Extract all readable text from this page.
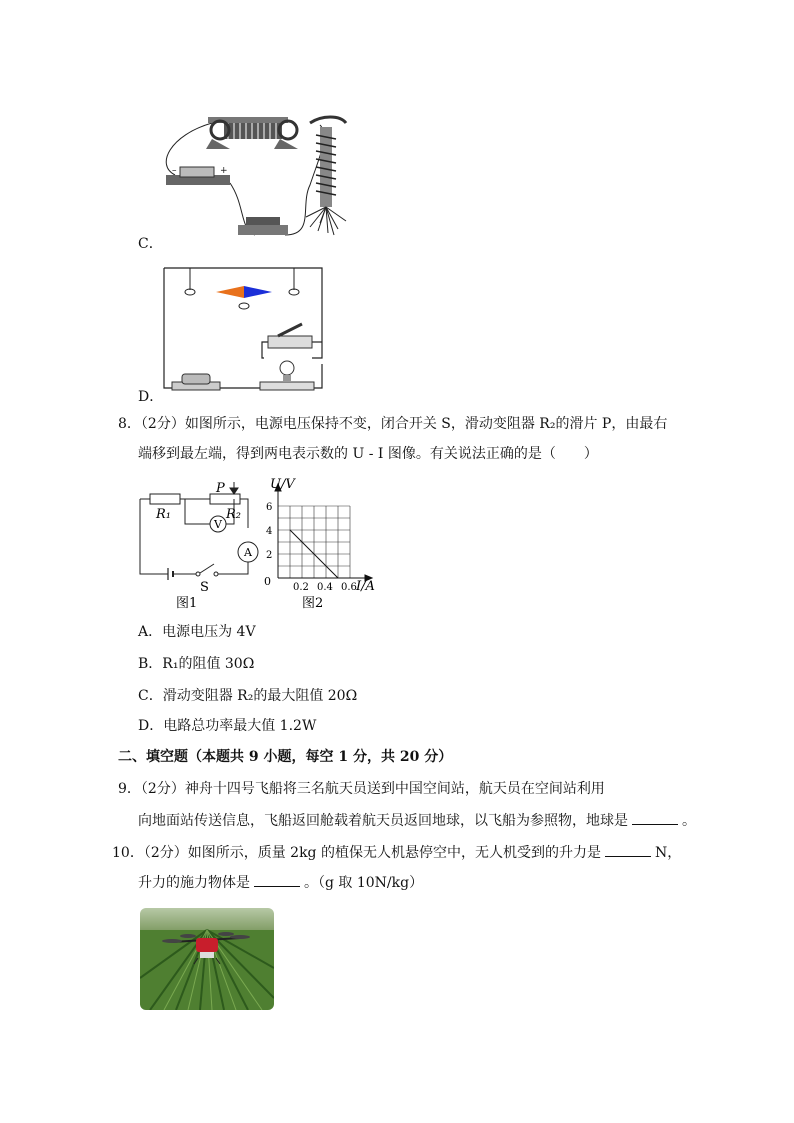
–	+
C．
D．
8．（2分）如图所示，电源电压保持不变，闭合开关 S，滑动变阻器 R₂的滑片 P，由最右
端移到最左端，得到两电表示数的 U - I 图像。有关说法正确的是（　　）
V
A
R₁	R₂
P
S
图1
2
4
6
0.2 0.4 0.6
U/V
I/A
0
图2
A．电源电压为 4V
B．R₁的阻值 30Ω
C．滑动变阻器 R₂的最大阻值 20Ω
D．电路总功率最大值 1.2W
二、填空题（本题共 9 小题，每空 1 分，共 20 分）
9．（2分）神舟十四号飞船将三名航天员送到中国空间站，航天员在空间站利用
向地面站传送信息，飞船返回舱载着航天员返回地球，以飞船为参照物，地球是	。
10．（2分）如图所示，质量 2kg 的植保无人机悬停空中，无人机受到的升力是	N，
升力的施力物体是	。（g 取 10N/kg）
